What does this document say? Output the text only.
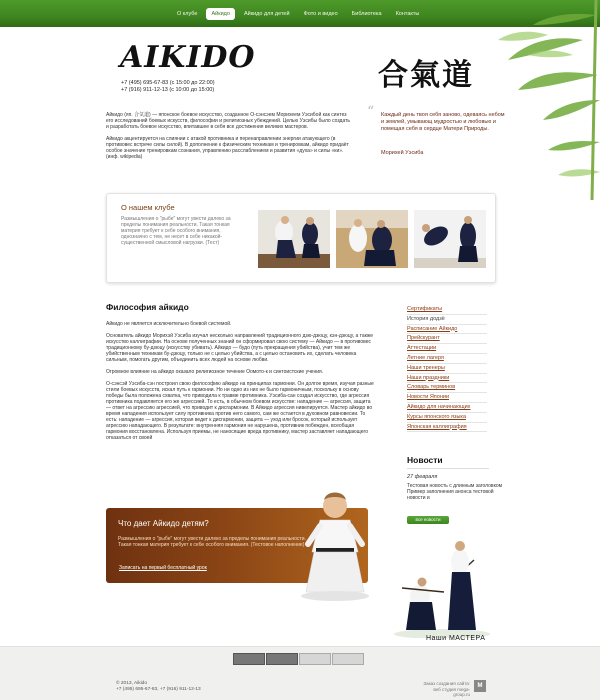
О клубе	Айкидо	Айкидо для детей	Фото и видео	Библиотека	Контакты
AIKIDO
+7 (495) 695-67-83 (с 15:00 до 22:00)
+7 (916) 911-12-13 (с 10:00 до 15:00)	合氣道
“ Каждый день твоя себя заново, одеваясь небом и землей, умывающ мудростью и любовью и помещая себя в сердце Матери Природы.
Морихей Уэсиба

Айкидо (яп. 合気道) — японское боевое искусство, созданное О-сэнсэем Морихеем Уэсибой как синтез его исследований боевых искусств, философии и религиозных убеждений. Целью Уэсибы было создать и разработать боевое искусство, впитавшее в себя все достижения великих мастеров.

Айкидо акцентируется на слиянии с атакой противника и перенаправлении энергии атакующего (в противовес встрече силы силой). В дополнение к физическим техникам и тренировкам, айкидо придаёт особое значение тренировкам сознания, управлению расслаблением и развития «духа» и силы «ки». (инф. wikipedia)

О нашем клубе

Размышления о "рыбе" могут увести далеко за пределы понимания реальности. Такая тонкая материя требует к себе особого внимания, однозначно с тем, не несет в себе никакой-существенной смысловой нагрузки. (Тест)

Философия айкидо

Айкидо не является исключительно боевой системой.

Основатель айкидо Морихэй Уэсиба изучал несколько направлений традиционного дзю-дзюцу, кэн-дзюцу, а также искусство каллиграфии. На основе полученных знаний он сформировал свою систему — Айкидо — в противовес традиционному бу-дзюцу (искусству убивать). Айкидо — будо (путь прекращения убийства), учит тем же убийственным техникам бу-дзюцу, только не с целью убийства, а с целью остановить их, сделать человека сильным, помогать другим, объединить всех людей на основе любви.

Огромное влияние на айкидо оказало религиозное течение Оомото-к и синтоистские учения.

О-сэнсэй Уэсиба-сэн построил свою философию айкидо на принципах гармонии. Он долгое время, изучая разные стили боевых искусств, искал путь к гармонии. Но ни одно из них не было гармоничным, поскольку в основу победы была положена схватка, что приводила к травме противника. Уэсиба-сан создал искусство, где агрессия противника подавляется его же агрессией. То есть, в обычном боевом искусстве: нападение — агрессия, защита — ответ на агрессию агрессией, что приводит к дисгармонии. В Айкидо агрессия нивелируется. Мастер айкидо во время нападения использует силу противника против него самого, сам же остается в духовном равновесии. То есть: нападение — агрессия, которая ведет к дисгармонии, защита — уход или бросок, который использует агрессию нападающего. В результате: внутренняя гармония не нарушена, противник побежден, всеобщая гармония восстановлена. Используя приемы, не наносящие вреда противнику, мастер заставляет нападающего отказаться от своей

Сертификаты
История додзё
Расписание Айкидо
Прейскурант
Аттестации
Летние лагеря
Наши тренеры
Наши праздники
Словарь терминов
Новости Японии
Айкидо для начинающих
Курсы японского языка
Японская каллиграфия
Новости
27 февраля
Тестовая новость с длинным заголовком Пример заполнения анонса тестовой новости и
все новости
Наши МАСТЕРА
Что дает Айкидо детям?

Размышления о "рыбе" могут увести далеко за пределы понимания реальности. Такая тонкая материя требует к себе особого внимания. (Тестовое наполнение)

Записать на первый бесплатный урок
© 2013, Aikido
+7 (495) 695-67-83, +7 (916) 911-12-13
Заказ создания сайта:
веб студия mega-group.ru
M
